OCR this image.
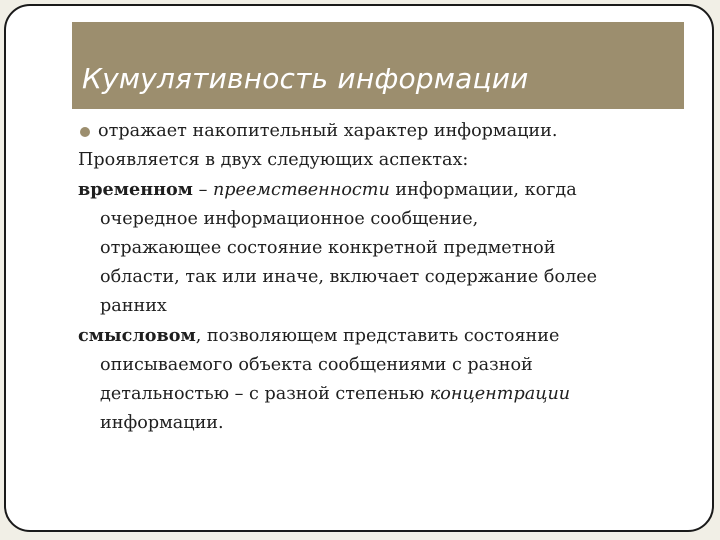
Кумулятивность информации
отражает накопительный характер информации.

Проявляется в двух следующих аспектах:

временном – преемственности информации, когда
очередное информационное сообщение,
отражающее состояние конкретной предметной
области, так или иначе, включает содержание более
ранних

смысловом, позволяющем представить состояние
описываемого объекта сообщениями с разной
детальностью – с разной степенью концентрации
информации.
